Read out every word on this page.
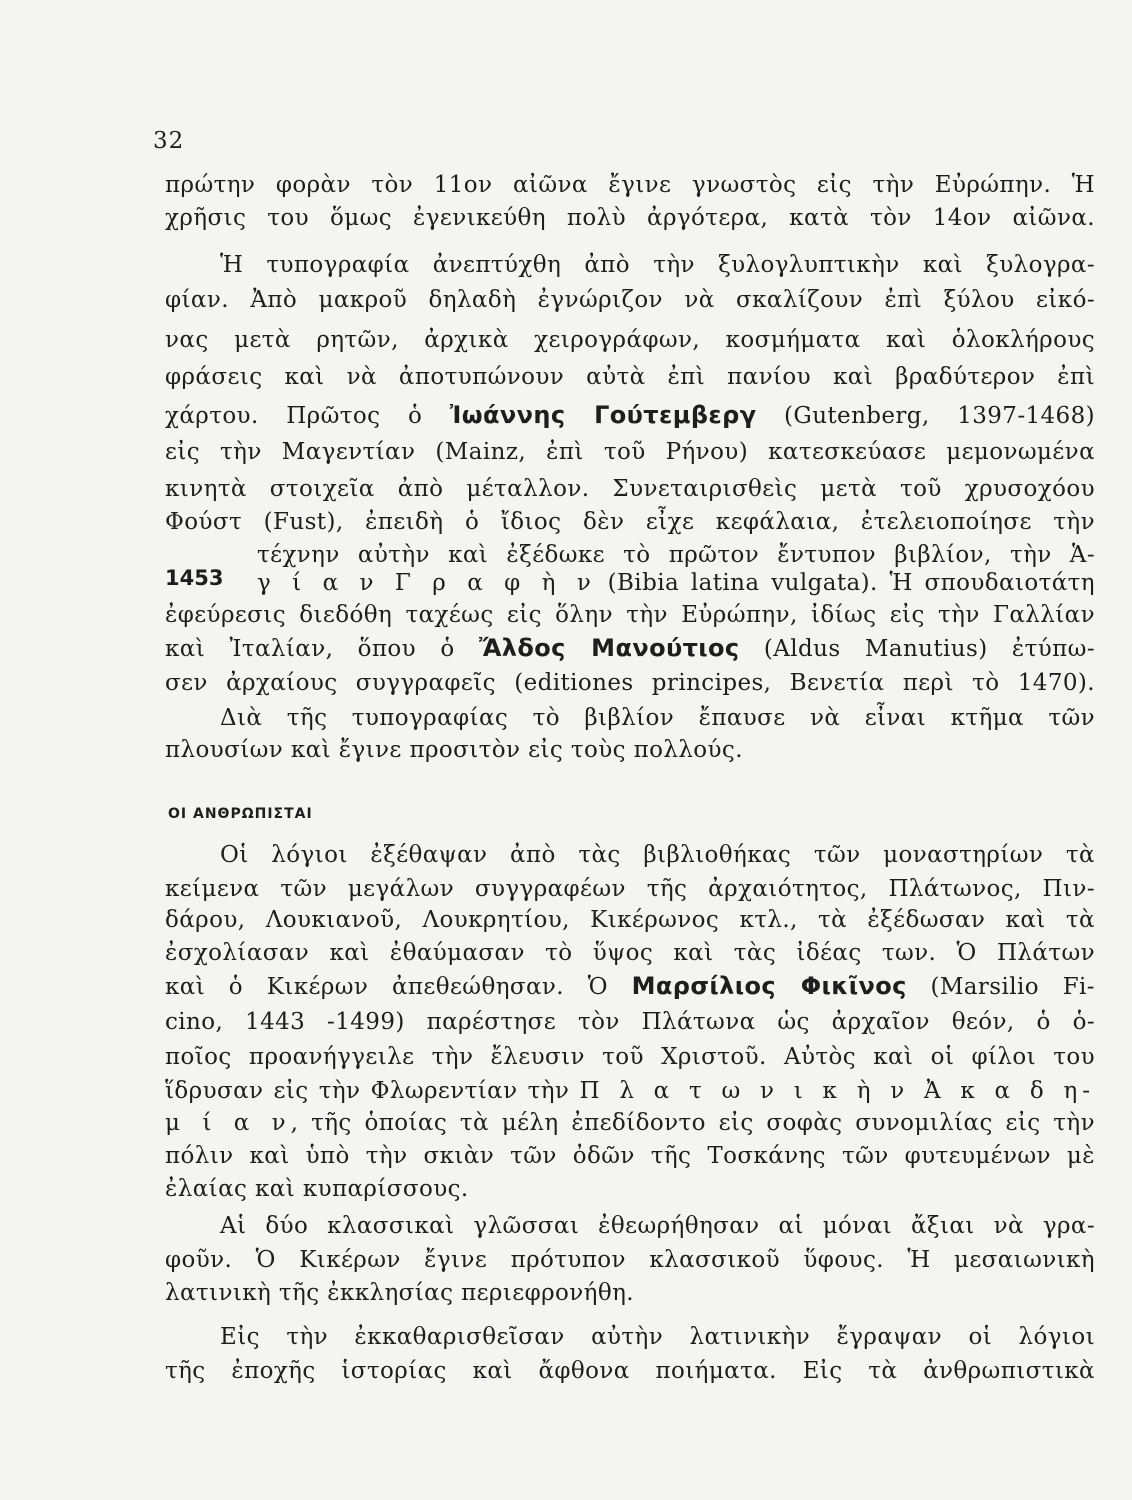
32
1453
ΟΙ ΑΝΘΡΩΠΙΣΤΑΙ
πρώτην φορὰν τὸν 11ον αἰῶνα ἔγινε γνωστὸς εἰς τὴν Εὐρώπην. Ἡ
χρῆσις του ὅμως ἐγενικεύθη πολὺ ἀργότερα, κατὰ τὸν 14ον αἰῶνα.
Ἡ τυπογραφία ἀνεπτύχθη ἀπὸ τὴν ξυλογλυπτικὴν καὶ ξυλογρα-
φίαν. Ἀπὸ μακροῦ δηλαδὴ ἐγνώριζον νὰ σκαλίζουν ἐπὶ ξύλου εἰκό-
νας μετὰ ρητῶν, ἀρχικὰ χειρογράφων, κοσμήματα καὶ ὁλοκλήρους
φράσεις καὶ νὰ ἀποτυπώνουν αὐτὰ ἐπὶ πανίου καὶ βραδύτερον ἐπὶ
χάρτου. Πρῶτος ὁ Ἰωάννης Γούτεμβεργ (Gutenberg, 1397-1468)
εἰς τὴν Μαγεντίαν (Mainz, ἐπὶ τοῦ Ρήνου) κατεσκεύασε μεμονωμένα
κινητὰ στοιχεῖα ἀπὸ μέταλλον. Συνεταιρισθεὶς μετὰ τοῦ χρυσοχόου
Φούστ (Fust), ἐπειδὴ ὁ ἴδιος δὲν εἶχε κεφάλαια, ἐτελειοποίησε τὴν
τέχνην αὐτὴν καὶ ἐξέδωκε τὸ πρῶτον ἔντυπον βιβλίον, τὴν Ἁ-
γ ί α ν Γ ρ α φ ὴ ν (Bibia latina vulgata). Ἡ σπουδαιοτάτη
ἐφεύρεσις διεδόθη ταχέως εἰς ὅλην τὴν Εὐρώπην, ἰδίως εἰς τὴν Γαλλίαν
καὶ Ἰταλίαν, ὅπου ὁ Ἄλδος Μανούτιος (Aldus Manutius) ἐτύπω-
σεν ἀρχαίους συγγραφεῖς (editiones principes, Βενετία περὶ τὸ 1470).
Διὰ τῆς τυπογραφίας τὸ βιβλίον ἔπαυσε νὰ εἶναι κτῆμα τῶν
πλουσίων καὶ ἔγινε προσιτὸν εἰς τοὺς πολλούς.
Οἱ λόγιοι ἐξέθαψαν ἀπὸ τὰς βιβλιοθήκας τῶν μοναστηρίων τὰ
κείμενα τῶν μεγάλων συγγραφέων τῆς ἀρχαιότητος, Πλάτωνος, Πιν-
δάρου, Λουκιανοῦ, Λουκρητίου, Κικέρωνος κτλ., τὰ ἐξέδωσαν καὶ τὰ
ἐσχολίασαν καὶ ἐθαύμασαν τὸ ὕψος καὶ τὰς ἰδέας των. Ὁ Πλάτων
καὶ ὁ Κικέρων ἀπεθεώθησαν. Ὁ Μαρσίλιος Φικῖνος (Marsilio Fi-
cino, 1443 -1499) παρέστησε τὸν Πλάτωνα ὡς ἀρχαῖον θεόν, ὁ ὁ-
ποῖος προανήγγειλε τὴν ἔλευσιν τοῦ Χριστοῦ. Αὐτὸς καὶ οἱ φίλοι του
ἵδρυσαν εἰς τὴν Φλωρεντίαν τὴν Π λ α τ ω ν ι κ ὴ ν Ἀ κ α δ η-
μ ί α ν, τῆς ὁποίας τὰ μέλη ἐπεδίδοντο εἰς σοφὰς συνομιλίας εἰς τὴν
πόλιν καὶ ὑπὸ τὴν σκιὰν τῶν ὀδῶν τῆς Τοσκάνης τῶν φυτευμένων μὲ
ἐλαίας καὶ κυπαρίσσους.
Αἱ δύο κλασσικαὶ γλῶσσαι ἐθεωρήθησαν αἱ μόναι ἄξιαι νὰ γρα-
φοῦν. Ὁ Κικέρων ἔγινε πρότυπον κλασσικοῦ ὕφους. Ἡ μεσαιωνικὴ
λατινικὴ τῆς ἐκκλησίας περιεφρονήθη.
Εἰς τὴν ἐκκαθαρισθεῖσαν αὐτὴν λατινικὴν ἔγραψαν οἱ λόγιοι
τῆς ἐποχῆς ἱστορίας καὶ ἄφθονα ποιήματα. Εἰς τὰ ἀνθρωπιστικὰ
